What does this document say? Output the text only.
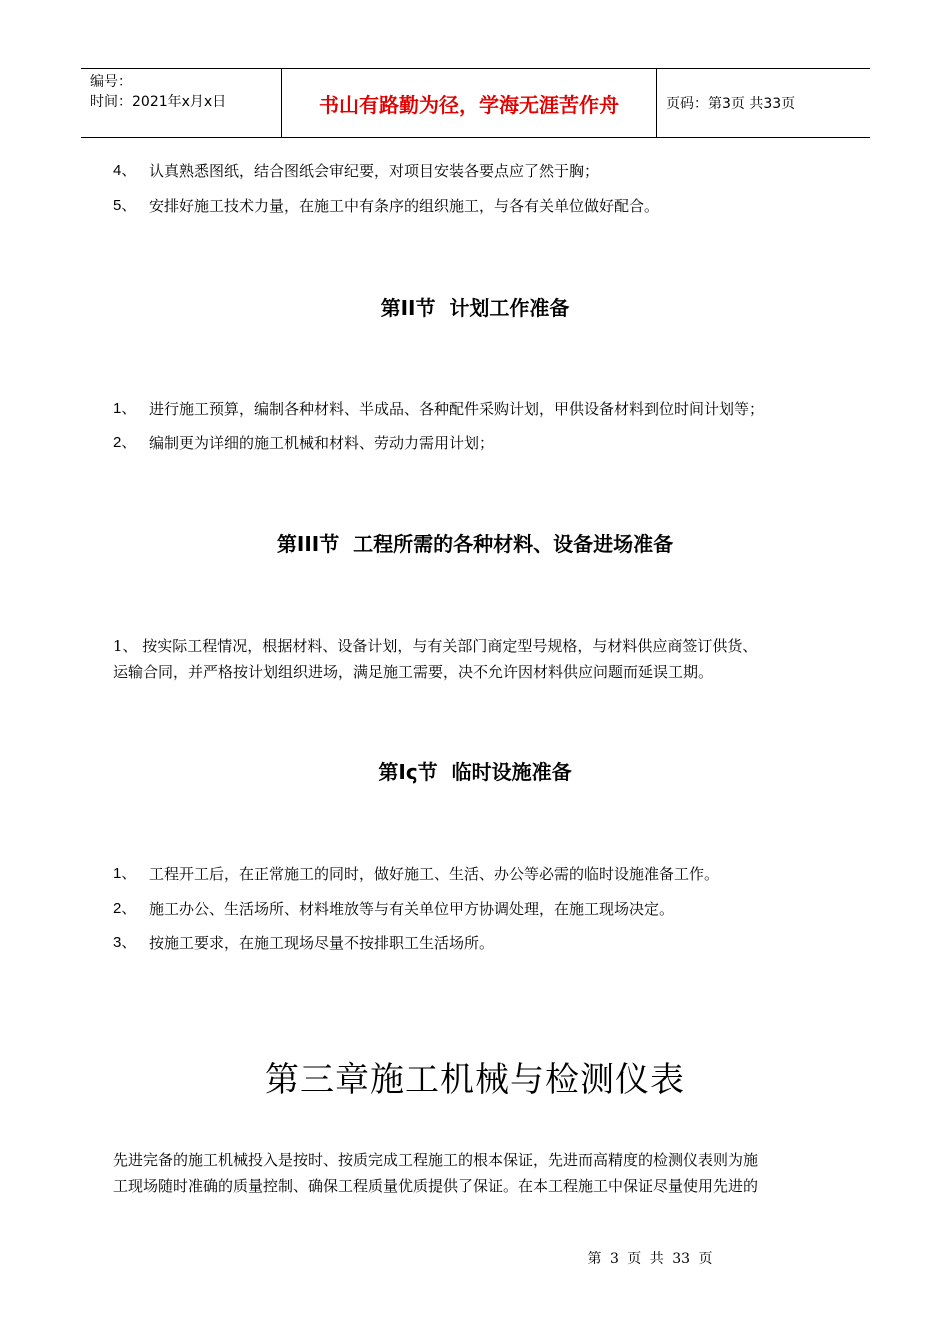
编号：
时间：2021年x月x日	书山有路勤为径，学海无涯苦作舟	页码：第3页 共33页
4、 认真熟悉图纸，结合图纸会审纪要，对项目安装各要点应了然于胸；
5、 安排好施工技术力量，在施工中有条序的组织施工，与各有关单位做好配合。
第II节  计划工作准备
1、 进行施工预算，编制各种材料、半成品、各种配件采购计划，甲供设备材料到位时间计划等；
2、 编制更为详细的施工机械和材料、劳动力需用计划；
第III节  工程所需的各种材料、设备进场准备
1、 按实际工程情况，根据材料、设备计划，与有关部门商定型号规格，与材料供应商签订供货、
运输合同，并严格按计划组织进场，满足施工需要，决不允许因材料供应问题而延误工期。
第Iς节  临时设施准备
1、 工程开工后，在正常施工的同时，做好施工、生活、办公等必需的临时设施准备工作。
2、 施工办公、生活场所、材料堆放等与有关单位甲方协调处理，在施工现场决定。
3、 按施工要求，在施工现场尽量不按排职工生活场所。
第三章施工机械与检测仪表
先进完备的施工机械投入是按时、按质完成工程施工的根本保证，先进而高精度的检测仪表则为施
工现场随时准确的质量控制、确保工程质量优质提供了保证。在本工程施工中保证尽量使用先进的
第 3 页 共 33 页
